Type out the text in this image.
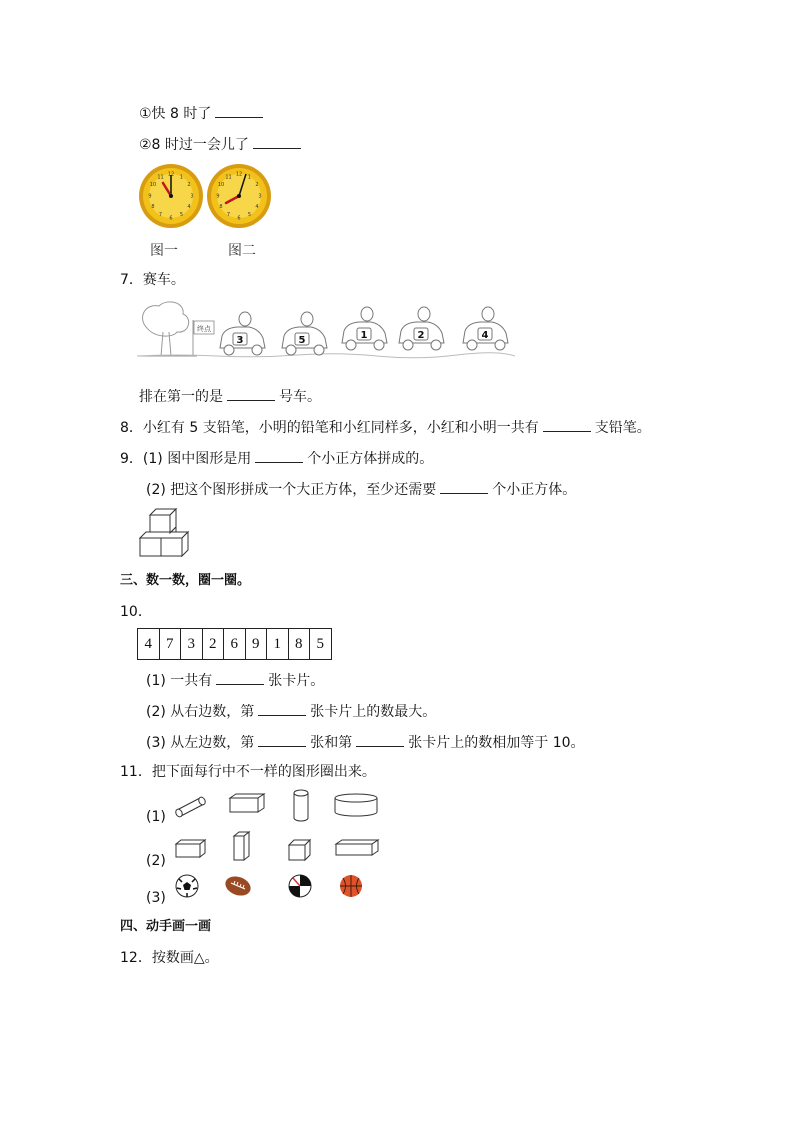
①快 8 时了
②8 时过一会儿了
12 1
2
3
4
5
6
7
8
9
10
11	12 1
2
3
4
5
6
7
8
9
10
11
图一	图二
7．赛车。
终点
3	5	1	2	4
排在第一的是	号车。
8．小红有 5 支铅笔，小明的铅笔和小红同样多，小红和小明一共有	支铅笔。
9．(1) 图中图形是用	个小正方体拼成的。
(2) 把这个图形拼成一个大正方体，至少还需要	个小正方体。
三、数一数，圈一圈。
10．
4	7	3	2	6	9	1	8	5
(1) 一共有	张卡片。
(2) 从右边数，第	张卡片上的数最大。
(3) 从左边数，第	张和第	张卡片上的数相加等于 10。
11．把下面每行中不一样的图形圈出来。
(1)
(2)
(3)
四、动手画一画
12．按数画△。
